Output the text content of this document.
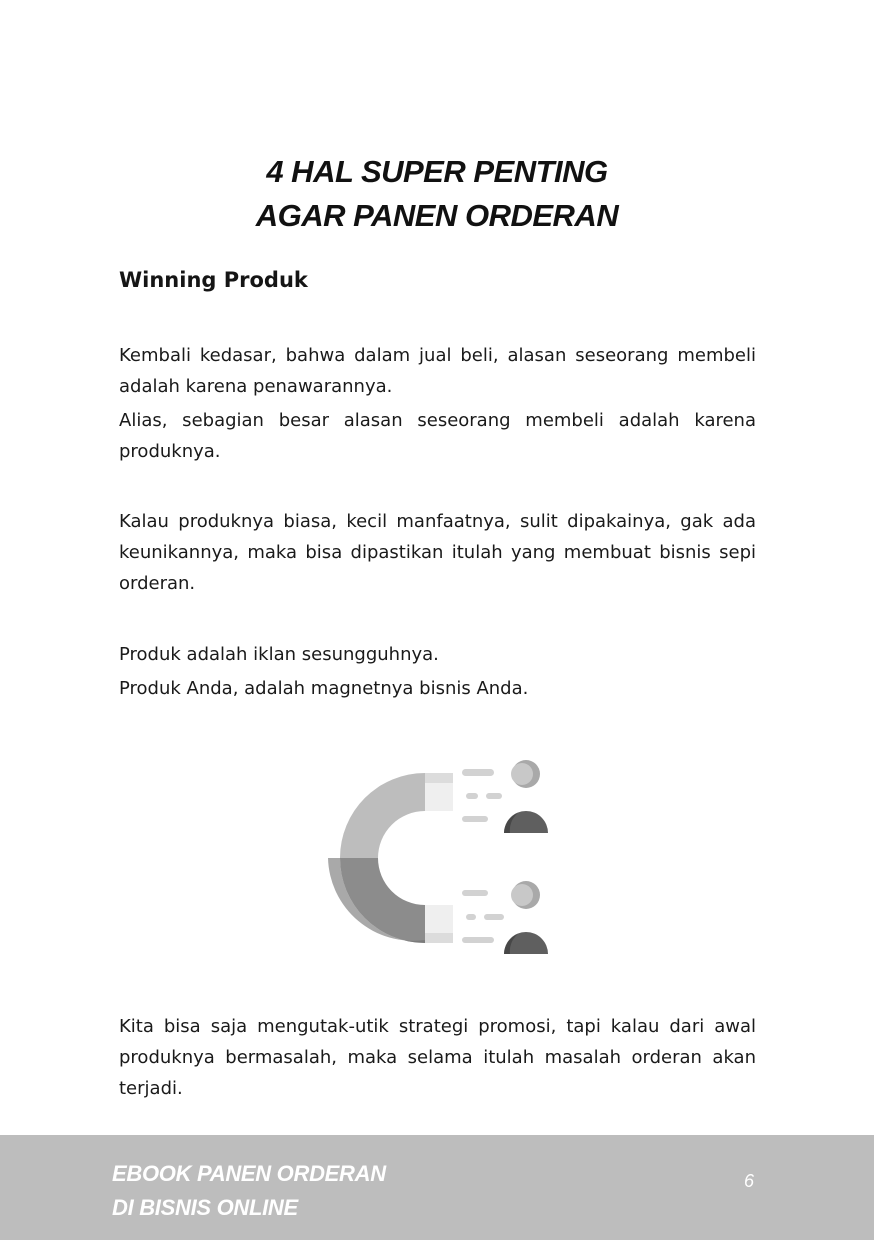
4 HAL SUPER PENTING
AGAR PANEN ORDERAN
Winning Produk
Kembali kedasar, bahwa dalam jual beli, alasan seseorang membeli adalah karena penawarannya.
Alias, sebagian besar alasan seseorang membeli adalah karena produknya.
Kalau produknya biasa, kecil manfaatnya, sulit dipakainya, gak ada keunikannya, maka bisa dipastikan itulah yang membuat bisnis sepi orderan.
Produk adalah iklan sesungguhnya.
Produk Anda, adalah magnetnya bisnis Anda.
Kita bisa saja mengutak-utik strategi promosi, tapi kalau dari awal produknya bermasalah, maka selama itulah masalah orderan akan terjadi.
EBOOK PANEN ORDERAN
DI BISNIS ONLINE
6
